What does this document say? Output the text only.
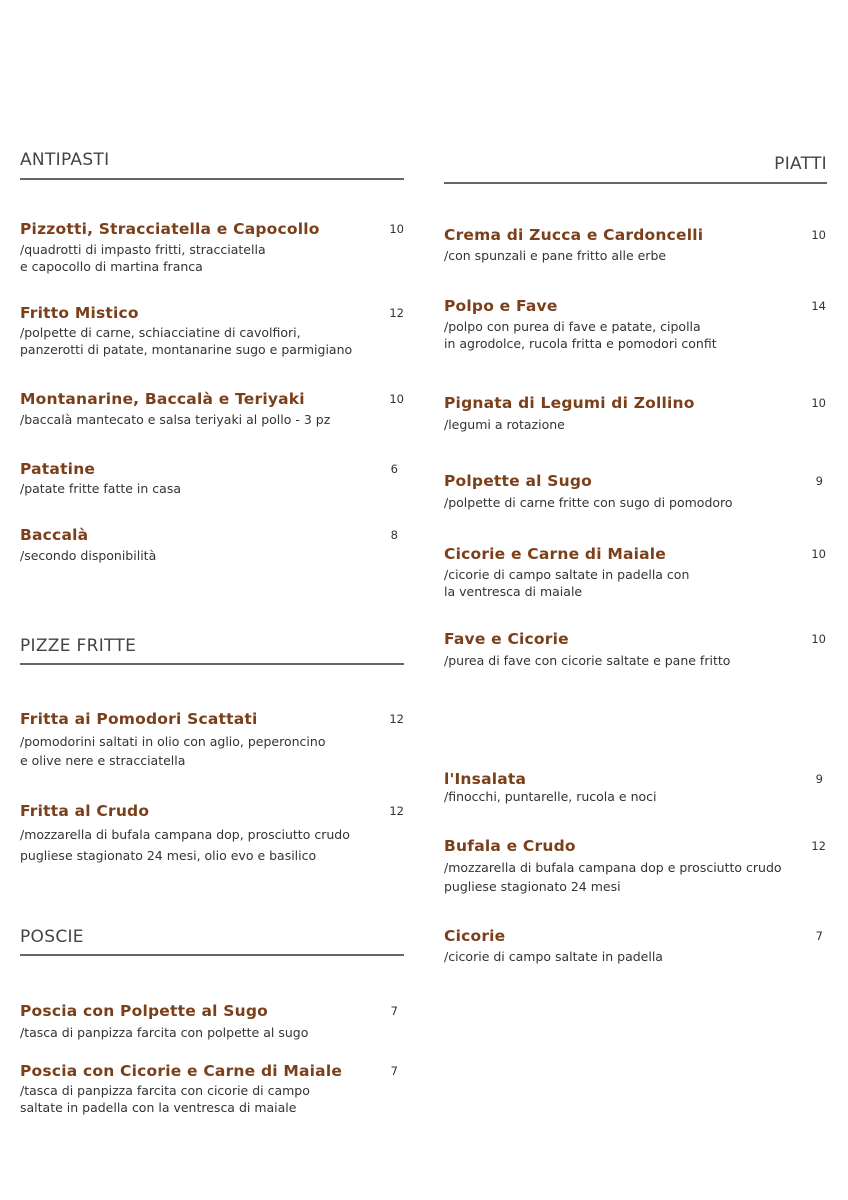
ANTIPASTI
Pizzotti, Stracciatella e Capocollo	10
/quadrotti di impasto fritti, stracciatella
e capocollo di martina franca
Fritto Mistico	12
/polpette di carne, schiacciatine di cavolfiori,
panzerotti di patate, montanarine sugo e parmigiano
Montanarine, Baccalà e Teriyaki	10
/baccalà mantecato e salsa teriyaki al pollo - 3 pz
Patatine	6
/patate fritte fatte in casa
Baccalà	8
/secondo disponibilità
PIZZE FRITTE
Fritta ai Pomodori Scattati	12
/pomodorini saltati in olio con aglio, peperoncino
e olive nere e stracciatella
Fritta al Crudo	12
/mozzarella di bufala campana dop, prosciutto crudo
pugliese stagionato 24 mesi, olio evo e basilico
POSCIE
Poscia con Polpette al Sugo	7
/tasca di panpizza farcita con polpette al sugo
Poscia con Cicorie e Carne di Maiale	7
/tasca di panpizza farcita con cicorie di campo
saltate in padella con la ventresca di maiale
PIATTI
Crema di Zucca e Cardoncelli	10
/con spunzali e pane fritto alle erbe
Polpo e Fave	14
/polpo con purea di fave e patate, cipolla
in agrodolce, rucola fritta e pomodori confit
Pignata di Legumi di Zollino	10
/legumi a rotazione
Polpette al Sugo	9
/polpette di carne fritte con sugo di pomodoro
Cicorie e Carne di Maiale	10
/cicorie di campo saltate in padella con
la ventresca di maiale
Fave e Cicorie	10
/purea di fave con cicorie saltate e pane fritto
l'Insalata	9
/finocchi, puntarelle, rucola e noci
Bufala e Crudo	12
/mozzarella di bufala campana dop e prosciutto crudo
pugliese stagionato 24 mesi
Cicorie	7
/cicorie di campo saltate in padella
